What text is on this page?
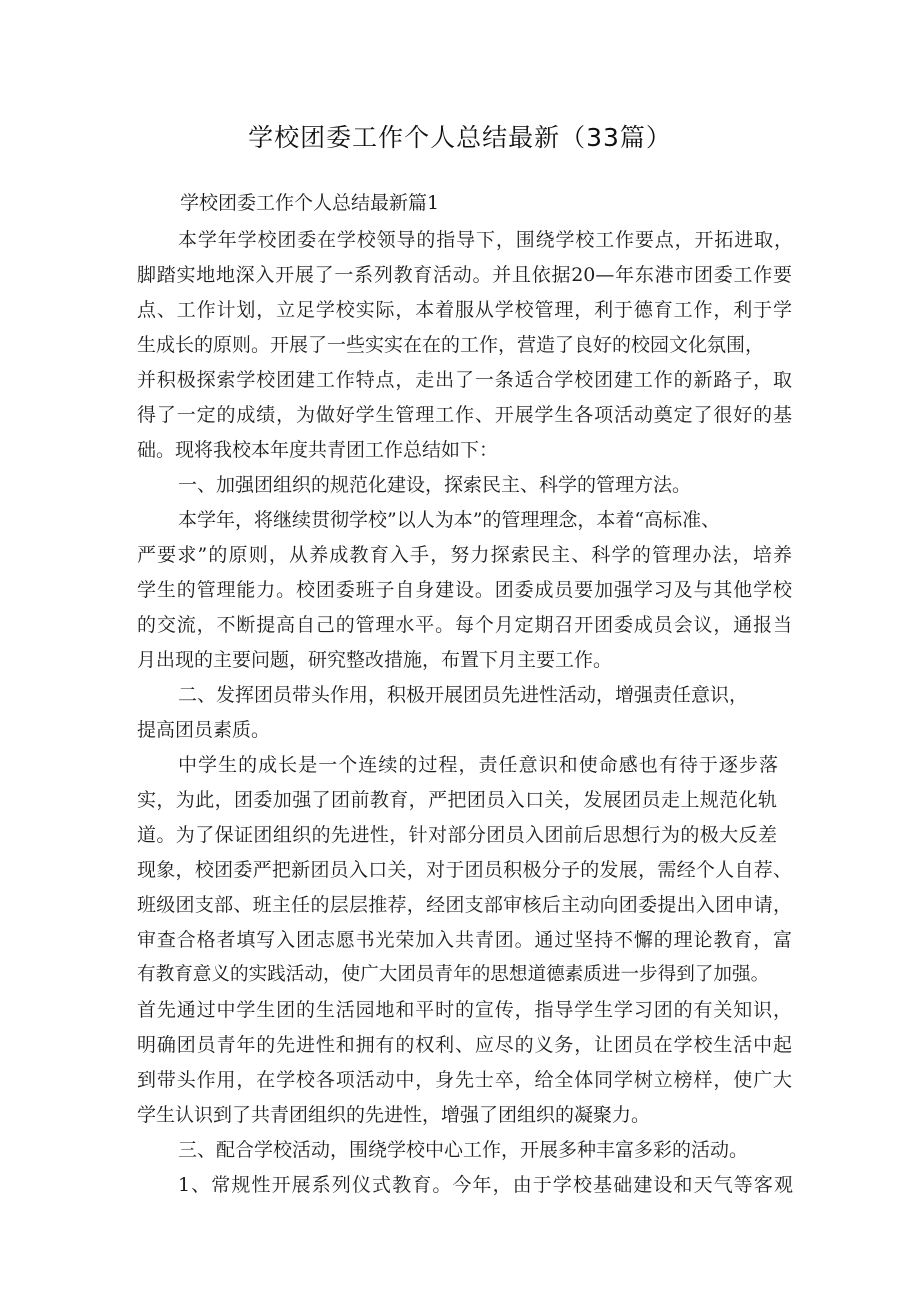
学校团委工作个人总结最新（33篇）
学校团委工作个人总结最新篇1
本学年学校团委在学校领导的指导下，围绕学校工作要点，开拓进取，
脚踏实地地深入开展了一系列教育活动。并且依据20—年东港市团委工作要
点、工作计划，立足学校实际，本着服从学校管理，利于德育工作，利于学
生成长的原则。开展了一些实实在在的工作，营造了良好的校园文化氛围，
并积极探索学校团建工作特点，走出了一条适合学校团建工作的新路子，取
得了一定的成绩，为做好学生管理工作、开展学生各项活动奠定了很好的基
础。现将我校本年度共青团工作总结如下：
一、加强团组织的规范化建设，探索民主、科学的管理方法。
本学年，将继续贯彻学校”以人为本”的管理理念，本着“高标准、
严要求”的原则，从养成教育入手，努力探索民主、科学的管理办法，培养
学生的管理能力。校团委班子自身建设。团委成员要加强学习及与其他学校
的交流，不断提高自己的管理水平。每个月定期召开团委成员会议，通报当
月出现的主要问题，研究整改措施，布置下月主要工作。
二、发挥团员带头作用，积极开展团员先进性活动，增强责任意识，
提高团员素质。
中学生的成长是一个连续的过程，责任意识和使命感也有待于逐步落
实，为此，团委加强了团前教育，严把团员入口关，发展团员走上规范化轨
道。为了保证团组织的先进性，针对部分团员入团前后思想行为的极大反差
现象，校团委严把新团员入口关，对于团员积极分子的发展，需经个人自荐、
班级团支部、班主任的层层推荐，经团支部审核后主动向团委提出入团申请，
审查合格者填写入团志愿书光荣加入共青团。通过坚持不懈的理论教育，富
有教育意义的实践活动，使广大团员青年的思想道德素质进一步得到了加强。
首先通过中学生团的生活园地和平时的宣传，指导学生学习团的有关知识，
明确团员青年的先进性和拥有的权利、应尽的义务，让团员在学校生活中起
到带头作用，在学校各项活动中，身先士卒，给全体同学树立榜样，使广大
学生认识到了共青团组织的先进性，增强了团组织的凝聚力。
三、配合学校活动，围绕学校中心工作，开展多种丰富多彩的活动。
1、常规性开展系列仪式教育。今年，由于学校基础建设和天气等客观
